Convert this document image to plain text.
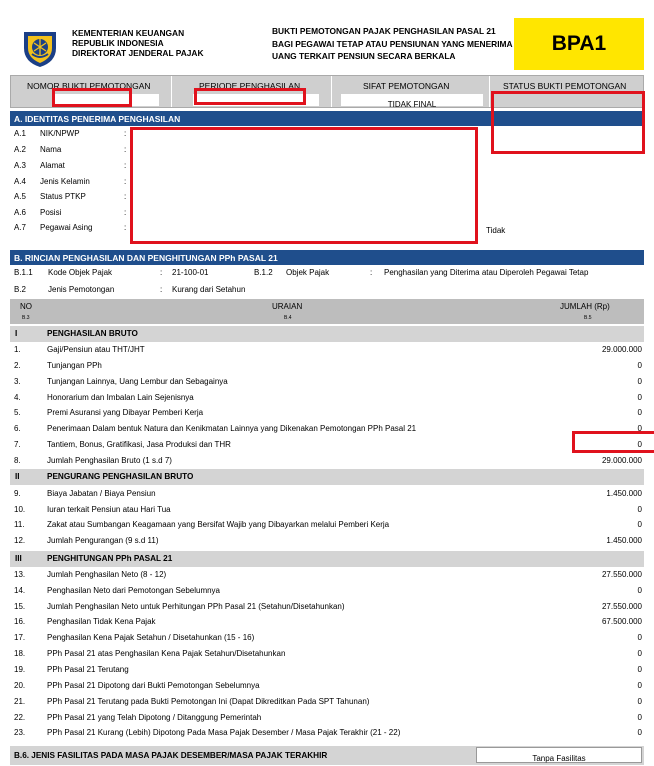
KEMENTERIAN KEUANGAN
REPUBLIK INDONESIA
DIREKTORAT JENDERAL PAJAK
BUKTI PEMOTONGAN PAJAK PENGHASILAN PASAL 21
BAGI PEGAWAI TETAP ATAU PENSIUNAN YANG MENERIMA
UANG TERKAIT PENSIUN SECARA BERKALA
BPA1
NOMOR BUKTI PEMOTONGAN	PERIODE PENGHASILAN	SIFAT PEMOTONGAN	STATUS BUKTI PEMOTONGAN
TIDAK FINAL
A. IDENTITAS PENERIMA PENGHASILAN
A.1 NIK/NPWP	:
A.2 Nama	:
A.3 Alamat	:
A.4 Jenis Kelamin	:
A.5 Status PTKP	:
A.6 Posisi	:
A.7 Pegawai Asing	:	Tidak
B. RINCIAN PENGHASILAN DAN PENGHITUNGAN PPh PASAL 21
B.1.1 Kode Objek Pajak	: 21-100-01	B.1.2 Objek Pajak	: Penghasilan yang Diterima atau Diperoleh Pegawai Tetap
B.2	Jenis Pemotongan	: Kurang dari Setahun
NO
B.3
URAIAN
B.4
JUMLAH (Rp)
B.5
I	PENGHASILAN BRUTO
1.	Gaji/Pensiun atau THT/JHT	29.000.000
2.	Tunjangan PPh	0
3.	Tunjangan Lainnya, Uang Lembur dan Sebagainya	0
4.	Honorarium dan Imbalan Lain Sejenisnya	0
5.	Premi Asuransi yang Dibayar Pemberi Kerja	0
6.	Penerimaan Dalam bentuk Natura dan Kenikmatan Lainnya yang Dikenakan Pemotongan PPh Pasal 21	0
7.	Tantiem, Bonus, Gratifikasi, Jasa Produksi dan THR	0
8.	Jumlah Penghasilan Bruto (1 s.d 7)	29.000.000
II	PENGURANG PENGHASILAN BRUTO
9.	Biaya Jabatan / Biaya Pensiun	1.450.000
10.	Iuran terkait Pensiun atau Hari Tua	0
11.	Zakat atau Sumbangan Keagamaan yang Bersifat Wajib yang Dibayarkan melalui Pemberi Kerja	0
12.	Jumlah Pengurangan (9 s.d 11)	1.450.000
III	PENGHITUNGAN PPh PASAL 21
13.	Jumlah Penghasilan Neto (8 - 12)	27.550.000
14.	Penghasilan Neto dari Pemotongan Sebelumnya	0
15.	Jumlah Penghasilan Neto untuk Perhitungan PPh Pasal 21 (Setahun/Disetahunkan)	27.550.000
16.	Penghasilan Tidak Kena Pajak	67.500.000
17.	Penghasilan Kena Pajak Setahun / Disetahunkan (15 - 16)	0
18.	PPh Pasal 21 atas Penghasilan Kena Pajak Setahun/Disetahunkan	0
19.	PPh Pasal 21 Terutang	0
20.	PPh Pasal 21 Dipotong dari Bukti Pemotongan Sebelumnya	0
21.	PPh Pasal 21 Terutang pada Bukti Pemotongan Ini (Dapat Dikreditkan Pada SPT Tahunan)	0
22.	PPh Pasal 21 yang Telah Dipotong / Ditanggung Pemerintah	0
23.	PPh Pasal 21 Kurang (Lebih) Dipotong Pada Masa Pajak Desember / Masa Pajak Terakhir (21 - 22)	0
B.6. JENIS FASILITAS PADA MASA PAJAK DESEMBER/MASA PAJAK TERAKHIR	Tanpa Fasilitas
